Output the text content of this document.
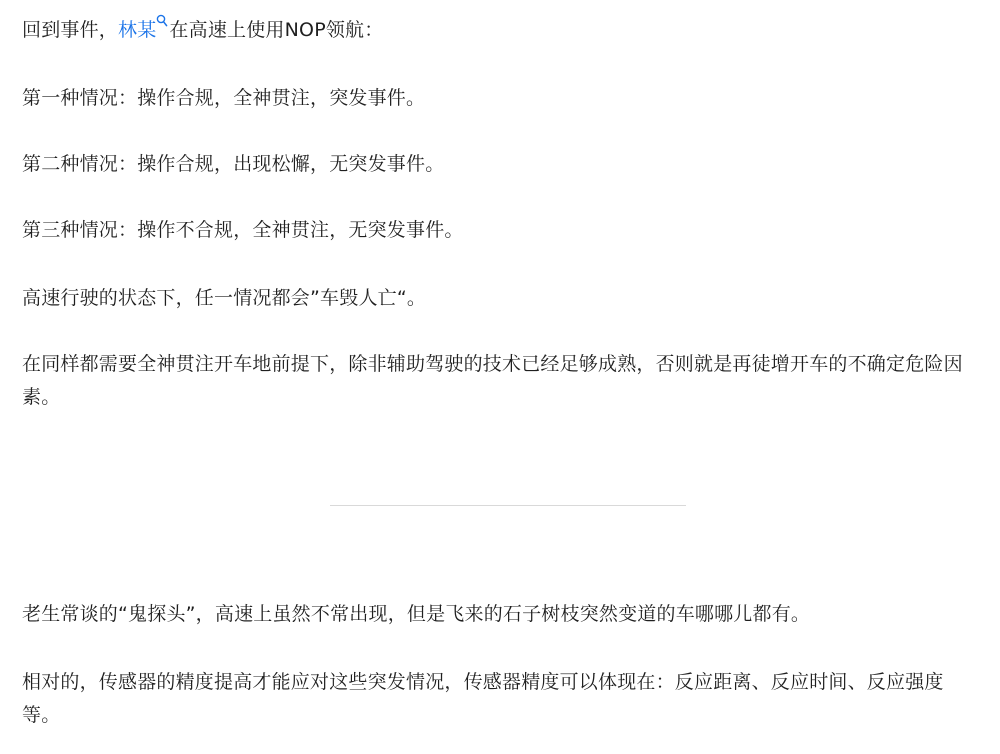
回到事件，林某 在高速上使用NOP领航：

第一种情况：操作合规，全神贯注，突发事件。

第二种情况：操作合规，出现松懈，无突发事件。

第三种情况：操作不合规，全神贯注，无突发事件。

高速行驶的状态下，任一情况都会”车毁人亡“。

在同样都需要全神贯注开车地前提下，除非辅助驾驶的技术已经足够成熟，否则就是再徒增开车的不确定危险因素。

老生常谈的“鬼探头”，高速上虽然不常出现，但是飞来的石子树枝突然变道的车哪哪儿都有。

相对的，传感器的精度提高才能应对这些突发情况，传感器精度可以体现在：反应距离、反应时间、反应强度等。
